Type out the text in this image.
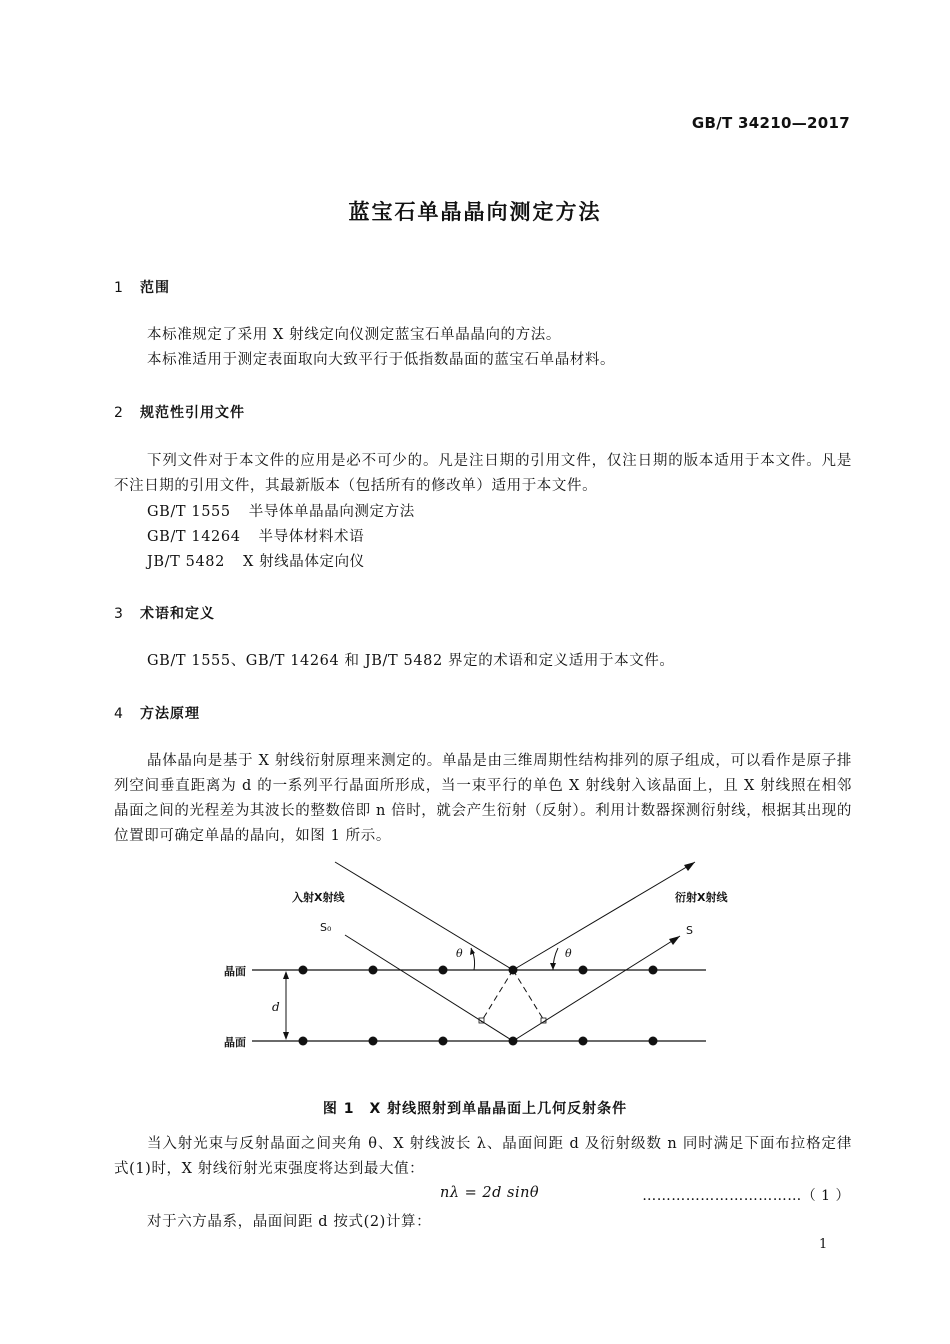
GB/T 34210—2017
蓝宝石单晶晶向测定方法
1 范围
本标准规定了采用 X 射线定向仪测定蓝宝石单晶晶向的方法。
本标准适用于测定表面取向大致平行于低指数晶面的蓝宝石单晶材料。
2 规范性引用文件
下列文件对于本文件的应用是必不可少的。凡是注日期的引用文件，仅注日期的版本适用于本文件。凡是不注日期的引用文件，其最新版本（包括所有的修改单）适用于本文件。
GB/T 1555 半导体单晶晶向测定方法
GB/T 14264 半导体材料术语
JB/T 5482 X 射线晶体定向仪
3 术语和定义
GB/T 1555、GB/T 14264 和 JB/T 5482 界定的术语和定义适用于本文件。
4 方法原理
晶体晶向是基于 X 射线衍射原理来测定的。单晶是由三维周期性结构排列的原子组成，可以看作是原子排列空间垂直距离为 d 的一系列平行晶面所形成，当一束平行的单色 X 射线射入该晶面上，且 X 射线照在相邻晶面之间的光程差为其波长的整数倍即 n 倍时，就会产生衍射（反射）。利用计数器探测衍射线，根据其出现的位置即可确定单晶的晶向，如图 1 所示。
入射X射线	衍射X射线
S₀	S
θ	θ
晶面
晶面
d
图 1　X 射线照射到单晶晶面上几何反射条件
当入射光束与反射晶面之间夹角 θ、X 射线波长 λ、晶面间距 d 及衍射级数 n 同时满足下面布拉格定律式(1)时，X 射线衍射光束强度将达到最大值：
nλ = 2d sinθ	……………………………（ 1 ）
对于六方晶系，晶面间距 d 按式(2)计算：
1
